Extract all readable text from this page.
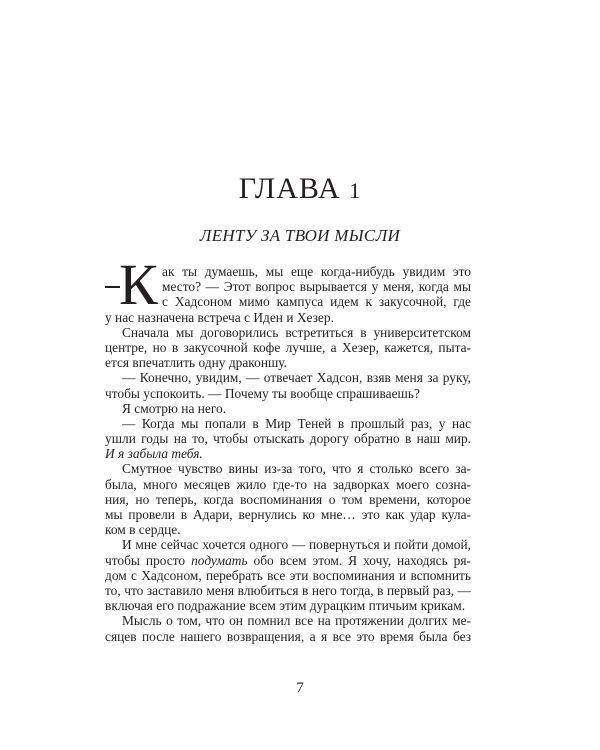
ГЛАВА 1
ЛЕНТУ ЗА ТВОИ МЫСЛИ
К ак ты думаешь, мы еще когда-нибудь увидим это
место? — Этот вопрос вырывается у меня, когда мы
с Хадсоном мимо кампуса идем к закусочной, где
у нас назначена встреча с Иден и Хезер.
Сначала мы договорились встретиться в университетском
центре, но в закусочной кофе лучше, а Хезер, кажется, пыта-
ется впечатлить одну драконшу.
— Конечно, увидим, — отвечает Хадсон, взяв меня за руку,
чтобы успокоить. — Почему ты вообще спрашиваешь?
Я смотрю на него.
— Когда мы попали в Мир Теней в прошлый раз, у нас
ушли годы на то, чтобы отыскать дорогу обратно в наш мир.
И я забыла тебя.
Смутное чувство вины из-за того, что я столько всего за-
была, много месяцев жило где-то на задворках моего созна-
ния, но теперь, когда воспоминания о том времени, которое
мы провели в Адари, вернулись ко мне… это как удар кула-
ком в сердце.
И мне сейчас хочется одного — повернуться и пойти домой,
чтобы просто подумать обо всем этом. Я хочу, находясь ря-
дом с Хадсоном, перебрать все эти воспоминания и вспомнить
то, что заставило меня влюбиться в него тогда, в первый раз, —
включая его подражание всем этим дурацким птичьим крикам.
Мысль о том, что он помнил все на протяжении долгих ме-
сяцев после нашего возвращения, а я все это время была без
7
